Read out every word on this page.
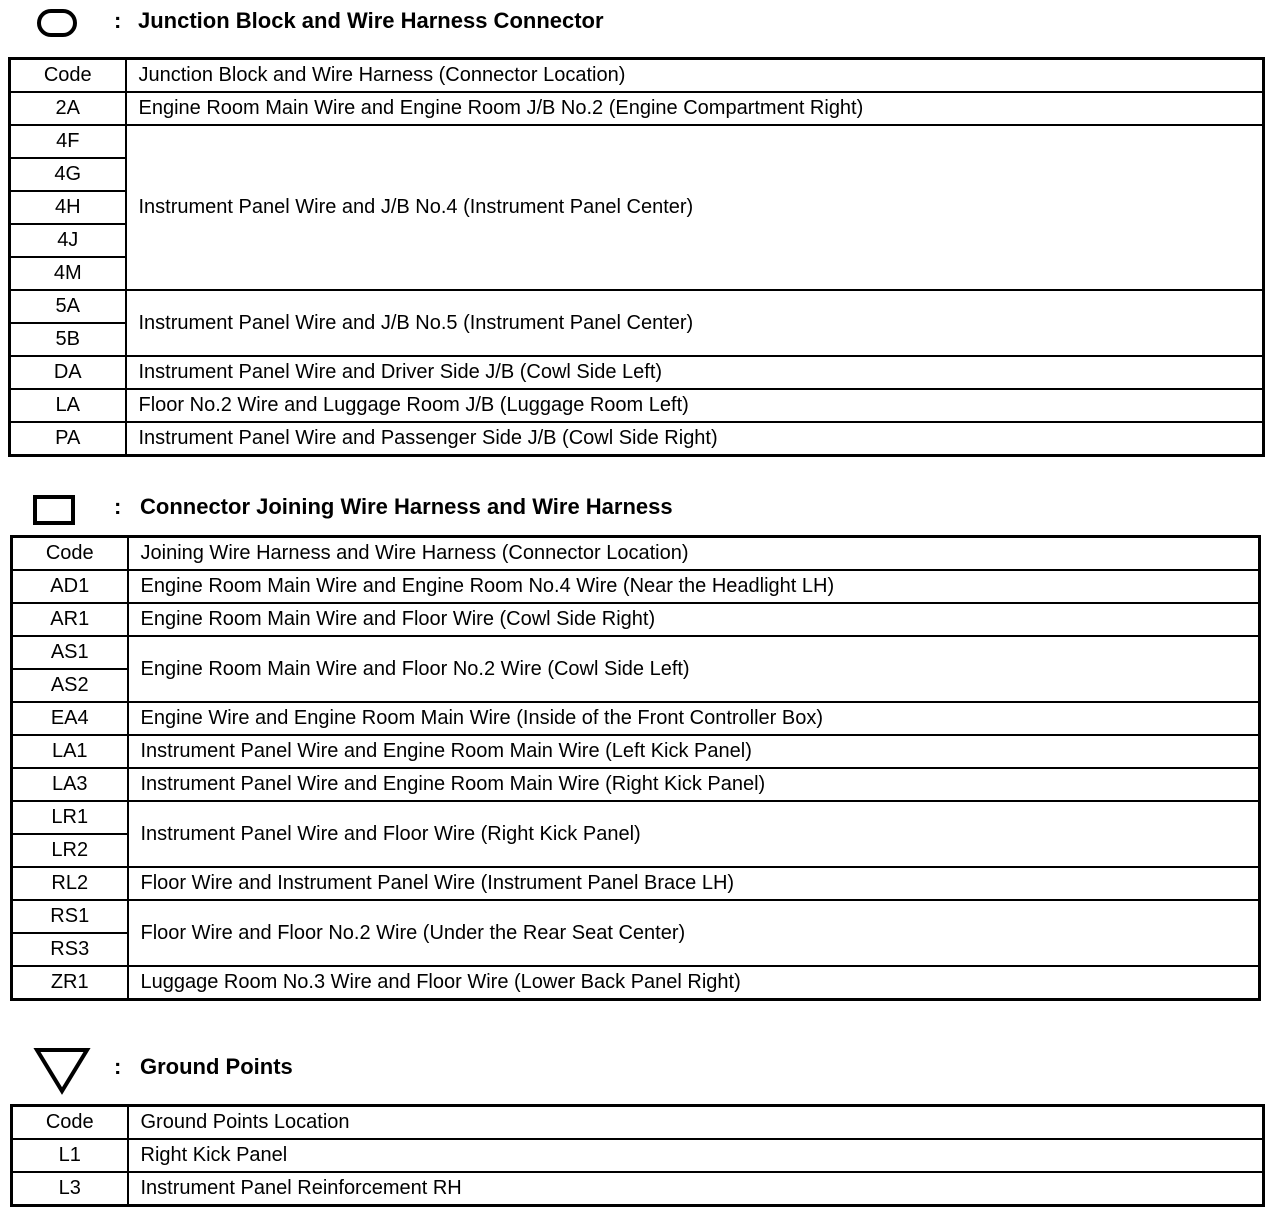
: Junction Block and Wire Harness Connector
Code	Junction Block and Wire Harness (Connector Location)
2A	Engine Room Main Wire and Engine Room J/B No.2 (Engine Compartment Right)
4F	Instrument Panel Wire and J/B No.4 (Instrument Panel Center)
4G	
4H	
4J	
4M	
5A	Instrument Panel Wire and J/B No.5 (Instrument Panel Center)
5B	
DA	Instrument Panel Wire and Driver Side J/B (Cowl Side Left)
LA	Floor No.2 Wire and Luggage Room J/B (Luggage Room Left)
PA	Instrument Panel Wire and Passenger Side J/B (Cowl Side Right)
: Connector Joining Wire Harness and Wire Harness
Code	Joining Wire Harness and Wire Harness (Connector Location)
AD1	Engine Room Main Wire and Engine Room No.4 Wire (Near the Headlight LH)
AR1	Engine Room Main Wire and Floor Wire (Cowl Side Right)
AS1	Engine Room Main Wire and Floor No.2 Wire (Cowl Side Left)
AS2	
EA4	Engine Wire and Engine Room Main Wire (Inside of the Front Controller Box)
LA1	Instrument Panel Wire and Engine Room Main Wire (Left Kick Panel)
LA3	Instrument Panel Wire and Engine Room Main Wire (Right Kick Panel)
LR1	Instrument Panel Wire and Floor Wire (Right Kick Panel)
LR2	
RL2	Floor Wire and Instrument Panel Wire (Instrument Panel Brace LH)
RS1	Floor Wire and Floor No.2 Wire (Under the Rear Seat Center)
RS3	
ZR1	Luggage Room No.3 Wire and Floor Wire (Lower Back Panel Right)
: Ground Points
Code	Ground Points Location
L1	Right Kick Panel
L3	Instrument Panel Reinforcement RH
